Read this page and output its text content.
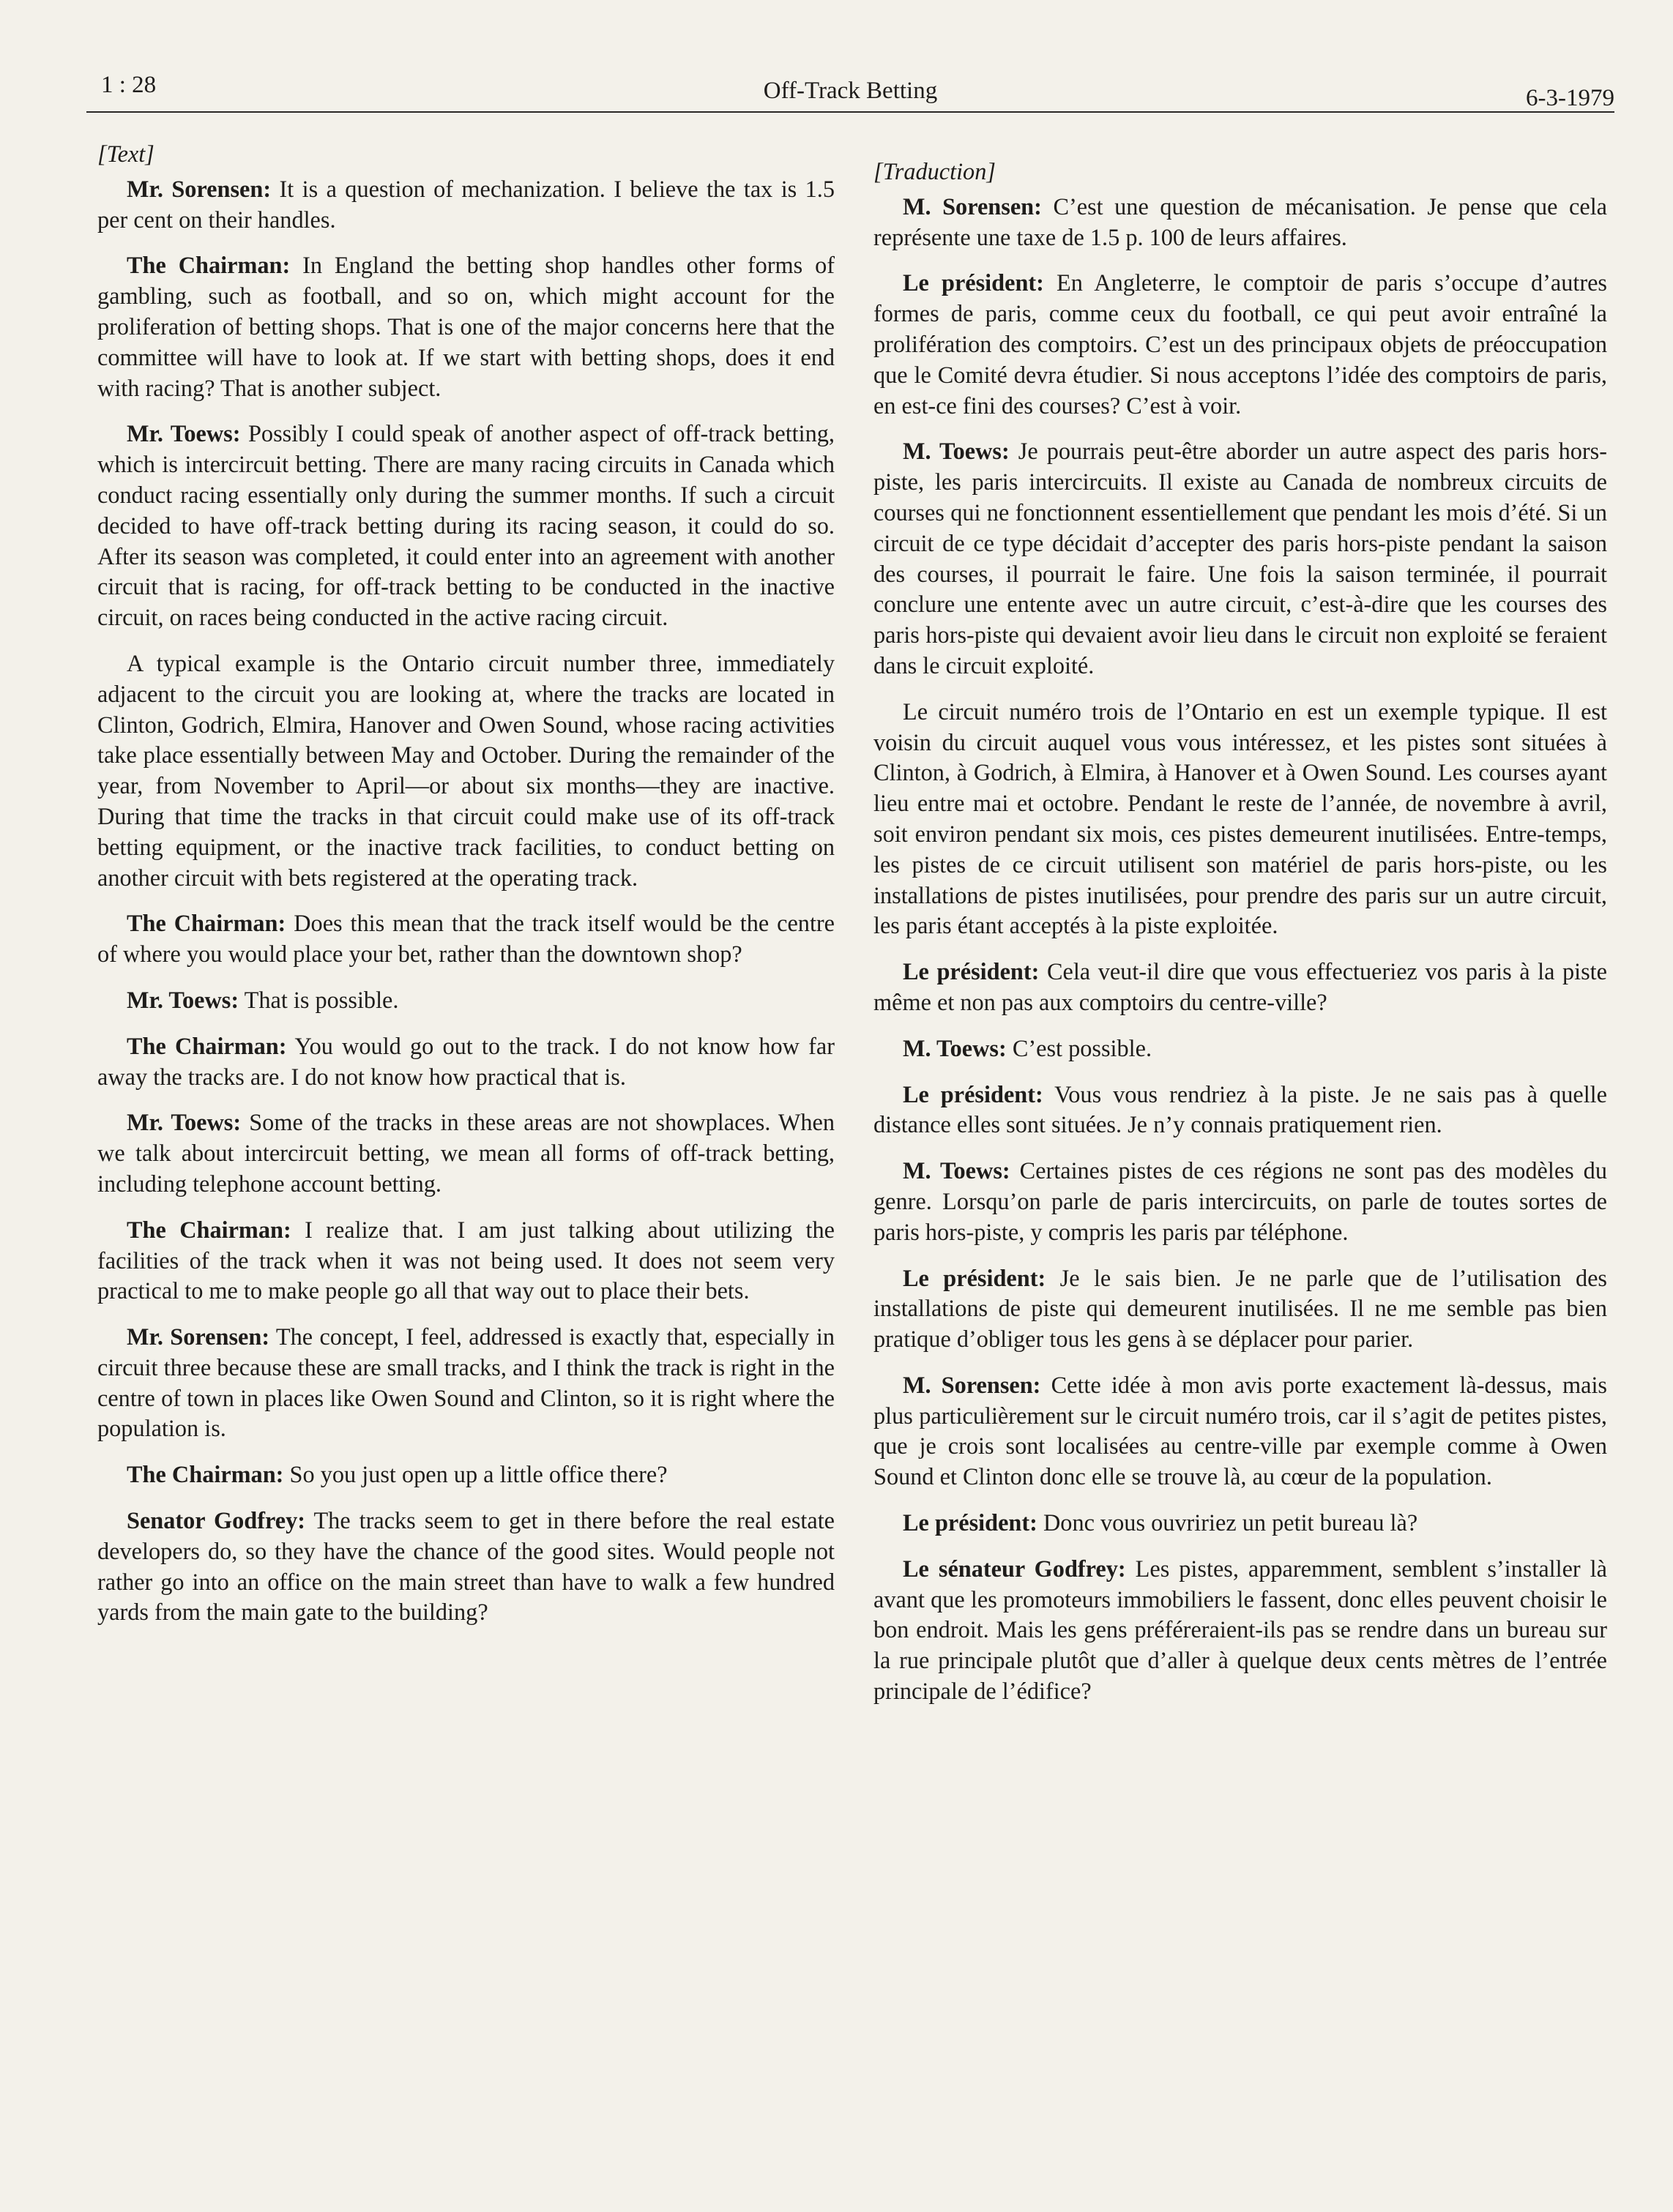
1 : 28	Off-Track Betting	6-3-1979

[Text]

Mr. Sorensen: It is a question of mechanization. I believe the tax is 1.5 per cent on their handles.

The Chairman: In England the betting shop handles other forms of gambling, such as football, and so on, which might account for the proliferation of betting shops. That is one of the major concerns here that the committee will have to look at. If we start with betting shops, does it end with racing? That is another subject.

Mr. Toews: Possibly I could speak of another aspect of off-track betting, which is intercircuit betting. There are many racing circuits in Canada which conduct racing essentially only during the summer months. If such a circuit decided to have off-track betting during its racing season, it could do so. After its season was completed, it could enter into an agreement with another circuit that is racing, for off-track betting to be conducted in the inactive circuit, on races being conducted in the active racing circuit.

A typical example is the Ontario circuit number three, immediately adjacent to the circuit you are looking at, where the tracks are located in Clinton, Godrich, Elmira, Hanover and Owen Sound, whose racing activities take place essentially between May and October. During the remainder of the year, from November to April—or about six months—they are inactive. During that time the tracks in that circuit could make use of its off-track betting equipment, or the inactive track facilities, to conduct betting on another circuit with bets registered at the operating track.

The Chairman: Does this mean that the track itself would be the centre of where you would place your bet, rather than the downtown shop?

Mr. Toews: That is possible.

The Chairman: You would go out to the track. I do not know how far away the tracks are. I do not know how practical that is.

Mr. Toews: Some of the tracks in these areas are not showplaces. When we talk about intercircuit betting, we mean all forms of off-track betting, including telephone account betting.

The Chairman: I realize that. I am just talking about utilizing the facilities of the track when it was not being used. It does not seem very practical to me to make people go all that way out to place their bets.

Mr. Sorensen: The concept, I feel, addressed is exactly that, especially in circuit three because these are small tracks, and I think the track is right in the centre of town in places like Owen Sound and Clinton, so it is right where the population is.

The Chairman: So you just open up a little office there?

Senator Godfrey: The tracks seem to get in there before the real estate developers do, so they have the chance of the good sites. Would people not rather go into an office on the main street than have to walk a few hundred yards from the main gate to the building?

[Traduction]

M. Sorensen: C’est une question de mécanisation. Je pense que cela représente une taxe de 1.5 p. 100 de leurs affaires.

Le président: En Angleterre, le comptoir de paris s’occupe d’autres formes de paris, comme ceux du football, ce qui peut avoir entraîné la prolifération des comptoirs. C’est un des principaux objets de préoccupation que le Comité devra étudier. Si nous acceptons l’idée des comptoirs de paris, en est-ce fini des courses? C’est à voir.

M. Toews: Je pourrais peut-être aborder un autre aspect des paris hors-piste, les paris intercircuits. Il existe au Canada de nombreux circuits de courses qui ne fonctionnent essentiellement que pendant les mois d’été. Si un circuit de ce type décidait d’accepter des paris hors-piste pendant la saison des courses, il pourrait le faire. Une fois la saison terminée, il pourrait conclure une entente avec un autre circuit, c’est-à-dire que les courses des paris hors-piste qui devaient avoir lieu dans le circuit non exploité se feraient dans le circuit exploité.

Le circuit numéro trois de l’Ontario en est un exemple typique. Il est voisin du circuit auquel vous vous intéressez, et les pistes sont situées à Clinton, à Godrich, à Elmira, à Hanover et à Owen Sound. Les courses ayant lieu entre mai et octobre. Pendant le reste de l’année, de novembre à avril, soit environ pendant six mois, ces pistes demeurent inutilisées. Entre-temps, les pistes de ce circuit utilisent son matériel de paris hors-piste, ou les installations de pistes inutilisées, pour prendre des paris sur un autre circuit, les paris étant acceptés à la piste exploitée.

Le président: Cela veut-il dire que vous effectueriez vos paris à la piste même et non pas aux comptoirs du centre-ville?

M. Toews: C’est possible.

Le président: Vous vous rendriez à la piste. Je ne sais pas à quelle distance elles sont situées. Je n’y connais pratiquement rien.

M. Toews: Certaines pistes de ces régions ne sont pas des modèles du genre. Lorsqu’on parle de paris intercircuits, on parle de toutes sortes de paris hors-piste, y compris les paris par téléphone.

Le président: Je le sais bien. Je ne parle que de l’utilisation des installations de piste qui demeurent inutilisées. Il ne me semble pas bien pratique d’obliger tous les gens à se déplacer pour parier.

M. Sorensen: Cette idée à mon avis porte exactement là-dessus, mais plus particulièrement sur le circuit numéro trois, car il s’agit de petites pistes, que je crois sont localisées au centre-ville par exemple comme à Owen Sound et Clinton donc elle se trouve là, au cœur de la population.

Le président: Donc vous ouvririez un petit bureau là?

Le sénateur Godfrey: Les pistes, apparemment, semblent s’installer là avant que les promoteurs immobiliers le fassent, donc elles peuvent choisir le bon endroit. Mais les gens préféreraient-ils pas se rendre dans un bureau sur la rue principale plutôt que d’aller à quelque deux cents mètres de l’entrée principale de l’édifice?
